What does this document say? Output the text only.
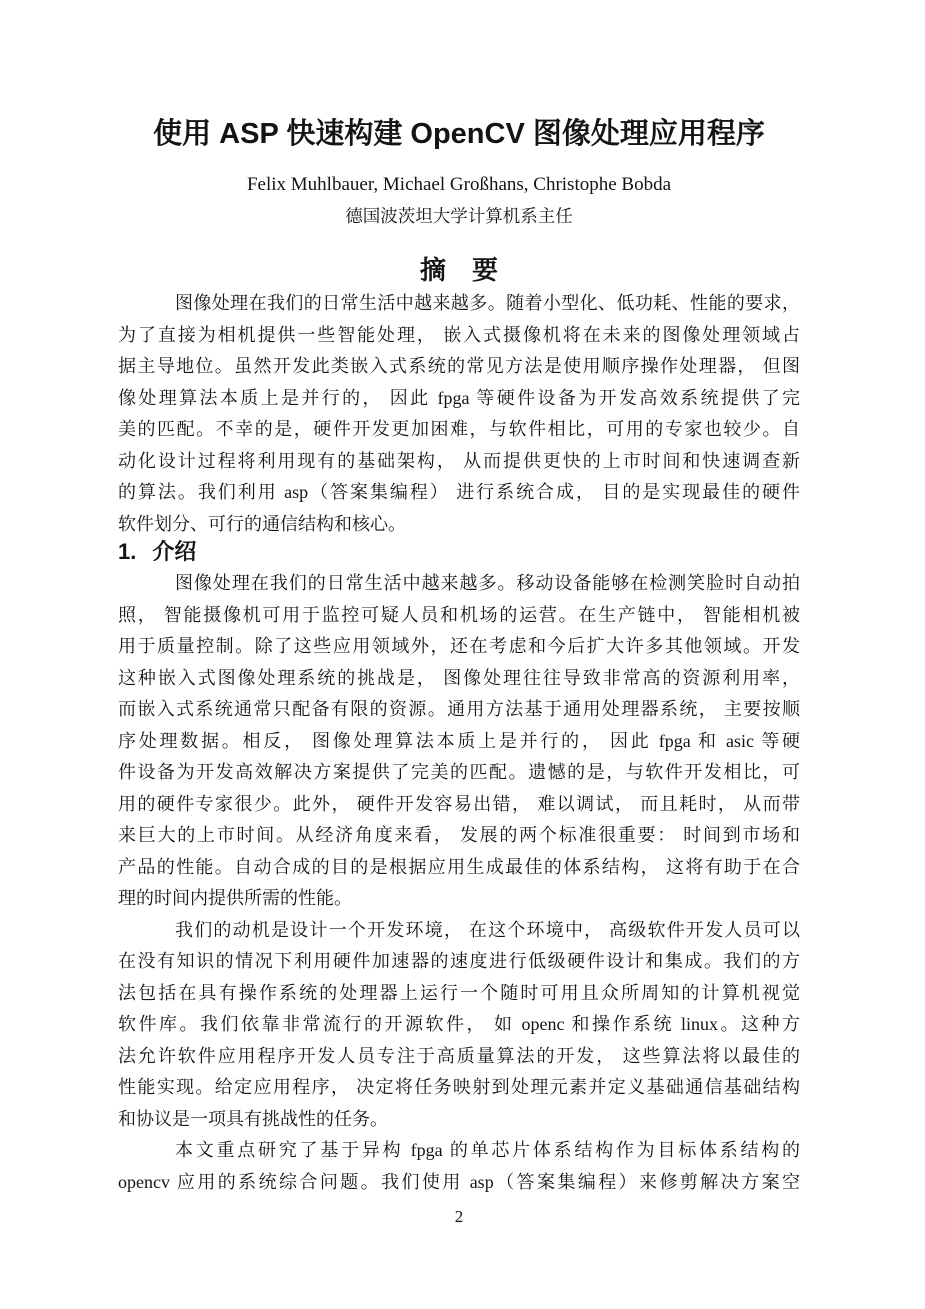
使用 ASP 快速构建 OpenCV 图像处理应用程序
Felix Muhlbauer, Michael Großhans, Christophe Bobda
德国波茨坦大学计算机系主任
摘　要
图像处理在我们的日常生活中越来越多。随着小型化、低功耗、性能的要求，
为了直接为相机提供一些智能处理， 嵌入式摄像机将在未来的图像处理领域占
据主导地位。虽然开发此类嵌入式系统的常见方法是使用顺序操作处理器， 但图
像处理算法本质上是并行的， 因此 fpga 等硬件设备为开发高效系统提供了完
美的匹配。不幸的是，硬件开发更加困难，与软件相比，可用的专家也较少。自
动化设计过程将利用现有的基础架构， 从而提供更快的上市时间和快速调查新
的算法。我们利用 asp（答案集编程） 进行系统合成， 目的是实现最佳的硬件
软件划分、可行的通信结构和核心。
1. 介绍
图像处理在我们的日常生活中越来越多。移动设备能够在检测笑脸时自动拍
照， 智能摄像机可用于监控可疑人员和机场的运营。在生产链中， 智能相机被
用于质量控制。除了这些应用领域外，还在考虑和今后扩大许多其他领域。开发
这种嵌入式图像处理系统的挑战是， 图像处理往往导致非常高的资源利用率，
而嵌入式系统通常只配备有限的资源。通用方法基于通用处理器系统， 主要按顺
序处理数据。相反， 图像处理算法本质上是并行的， 因此 fpga 和 asic 等硬
件设备为开发高效解决方案提供了完美的匹配。遗憾的是，与软件开发相比，可
用的硬件专家很少。此外， 硬件开发容易出错， 难以调试， 而且耗时， 从而带
来巨大的上市时间。从经济角度来看， 发展的两个标准很重要： 时间到市场和
产品的性能。自动合成的目的是根据应用生成最佳的体系结构， 这将有助于在合
理的时间内提供所需的性能。
我们的动机是设计一个开发环境， 在这个环境中， 高级软件开发人员可以
在没有知识的情况下利用硬件加速器的速度进行低级硬件设计和集成。我们的方
法包括在具有操作系统的处理器上运行一个随时可用且众所周知的计算机视觉
软件库。我们依靠非常流行的开源软件， 如 openc 和操作系统 linux。这种方
法允许软件应用程序开发人员专注于高质量算法的开发， 这些算法将以最佳的
性能实现。给定应用程序， 决定将任务映射到处理元素并定义基础通信基础结构
和协议是一项具有挑战性的任务。
本文重点研究了基于异构 fpga 的单芯片体系结构作为目标体系结构的
opencv 应用的系统综合问题。我们使用 asp（答案集编程）来修剪解决方案空
2
